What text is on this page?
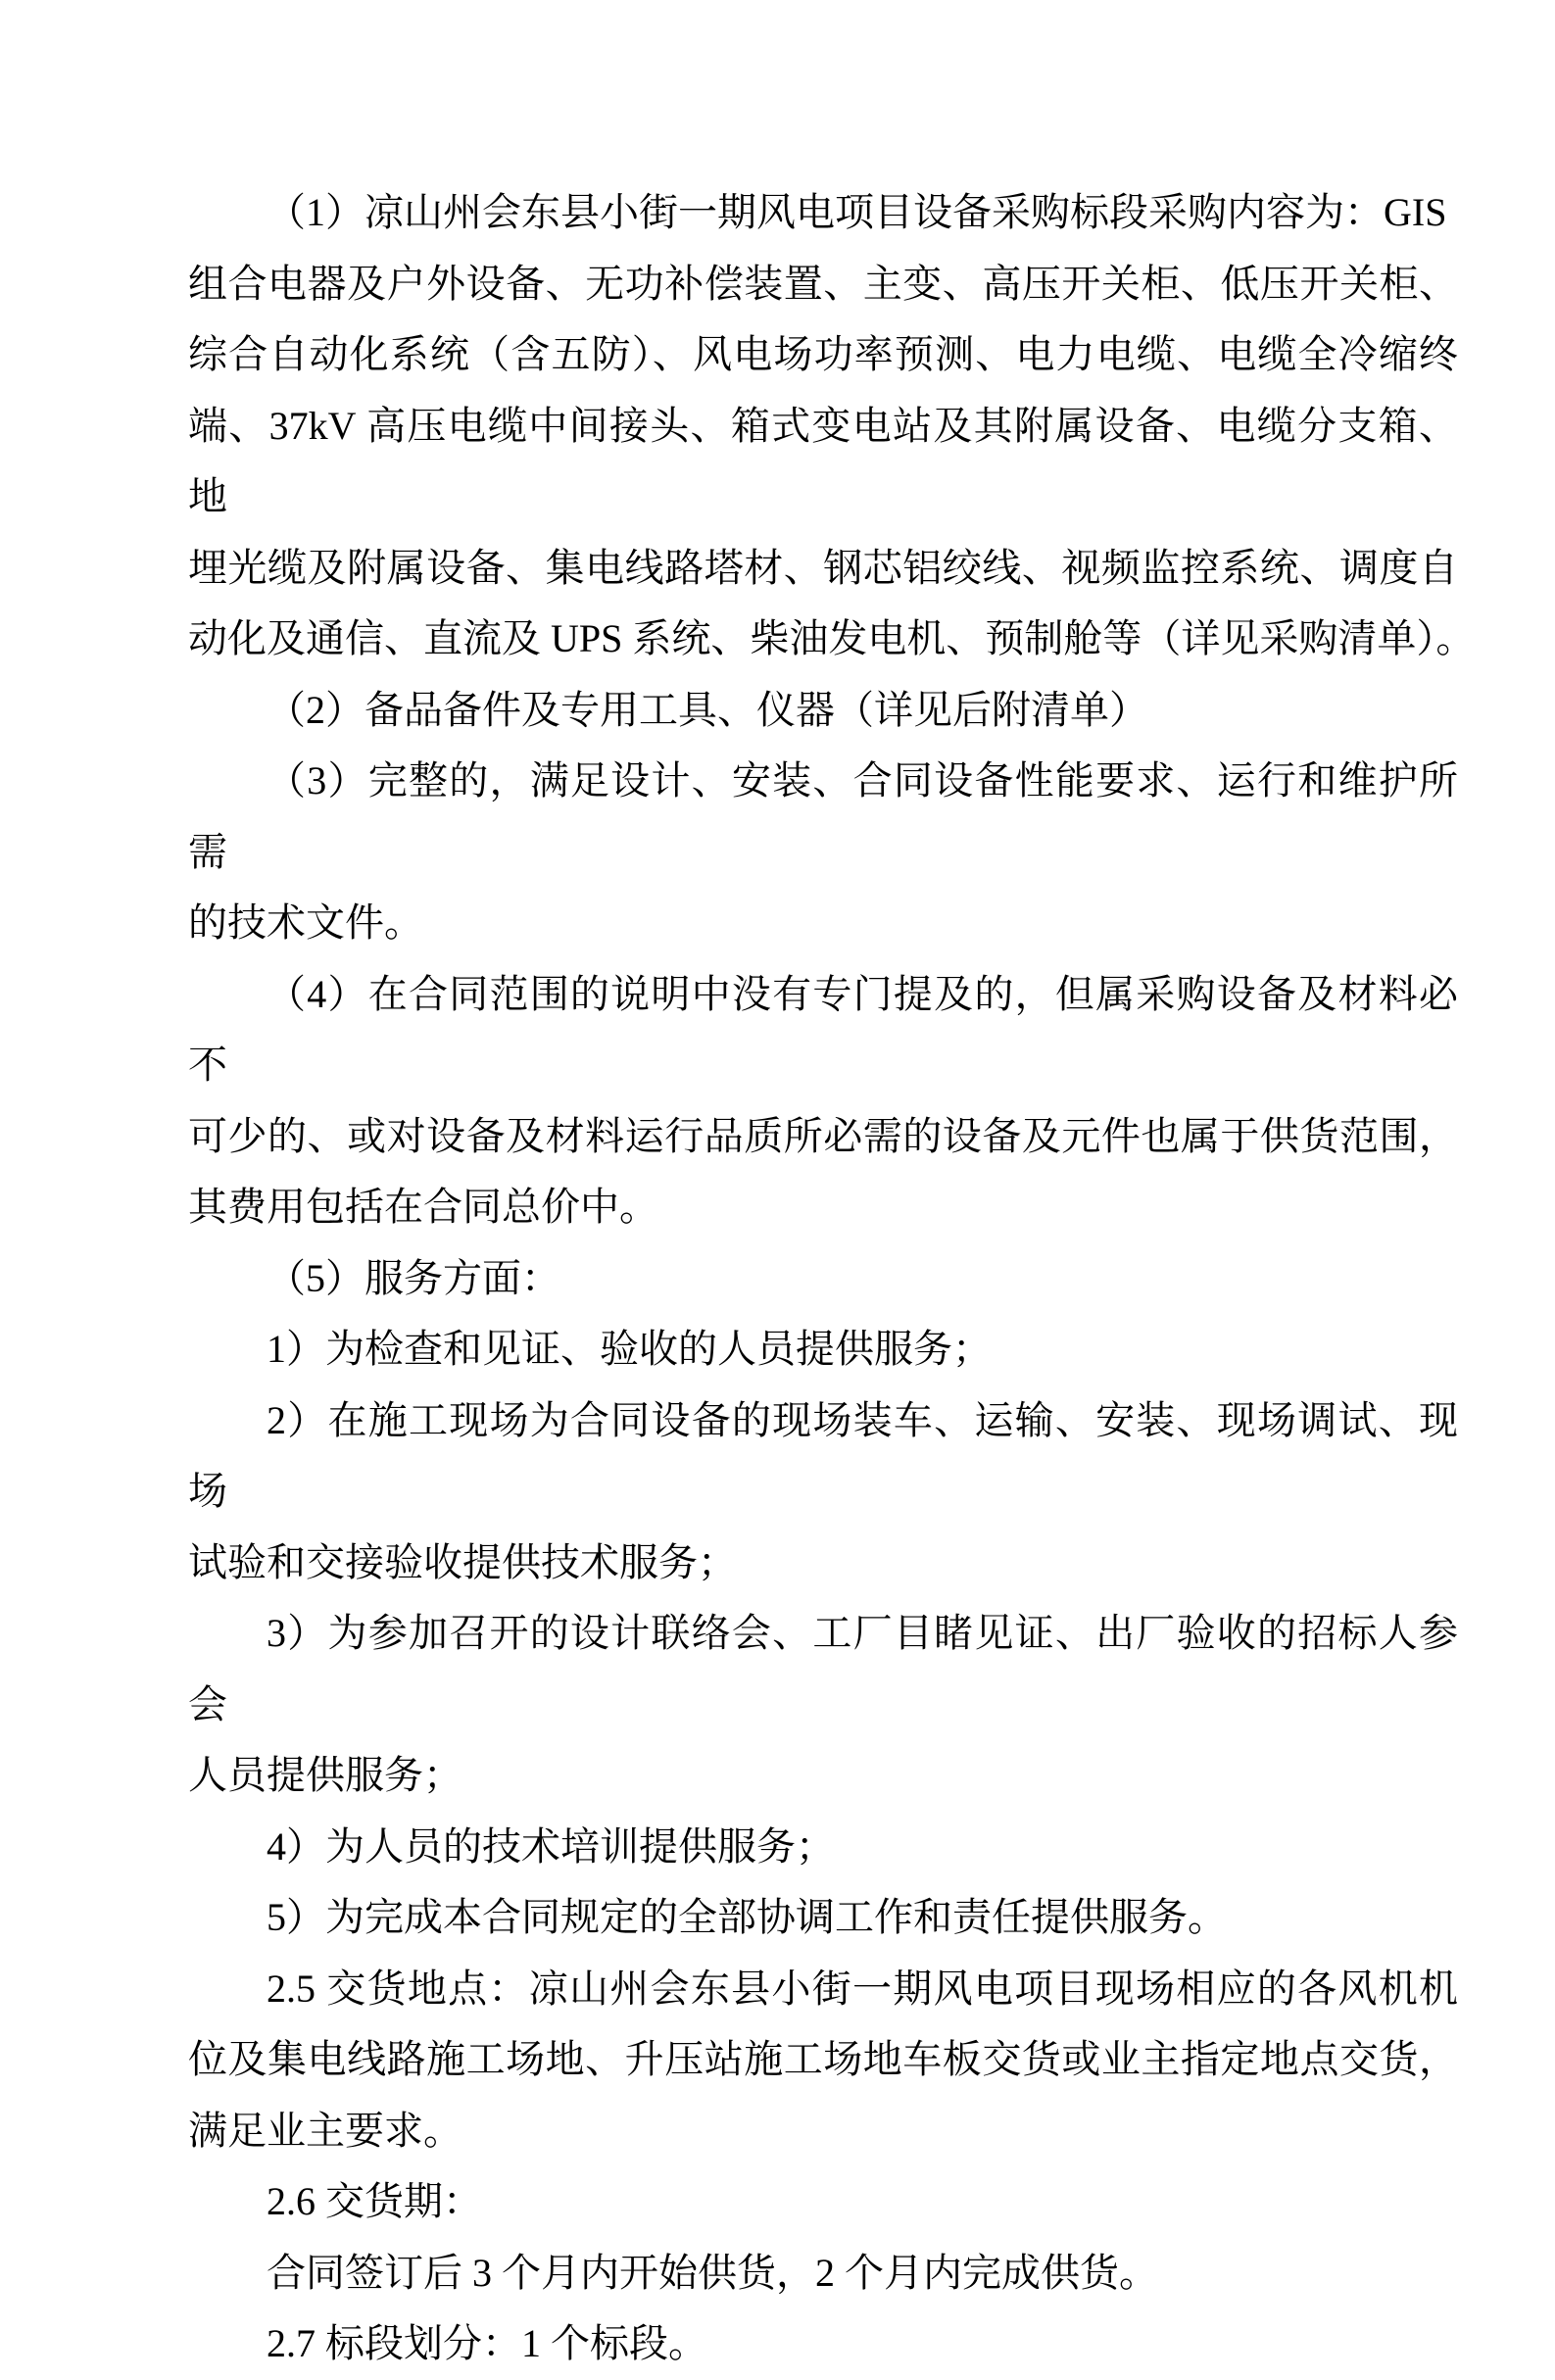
（1）凉山州会东县小街一期风电项目设备采购标段采购内容为：GIS
组合电器及户外设备、无功补偿装置、主变、高压开关柜、低压开关柜、
综合自动化系统（含五防）、风电场功率预测、电力电缆、电缆全冷缩终
端、37kV 高压电缆中间接头、箱式变电站及其附属设备、电缆分支箱、地
埋光缆及附属设备、集电线路塔材、钢芯铝绞线、视频监控系统、调度自
动化及通信、直流及 UPS 系统、柴油发电机、预制舱等（详见采购清单）。
（2）备品备件及专用工具、仪器（详见后附清单）
（3）完整的，满足设计、安装、合同设备性能要求、运行和维护所需
的技术文件。
（4）在合同范围的说明中没有专门提及的，但属采购设备及材料必不
可少的、或对设备及材料运行品质所必需的设备及元件也属于供货范围，
其费用包括在合同总价中。
（5）服务方面：
1）为检查和见证、验收的人员提供服务；
2）在施工现场为合同设备的现场装车、运输、安装、现场调试、现场
试验和交接验收提供技术服务；
3）为参加召开的设计联络会、工厂目睹见证、出厂验收的招标人参会
人员提供服务；
4）为人员的技术培训提供服务；
5）为完成本合同规定的全部协调工作和责任提供服务。
2.5 交货地点：凉山州会东县小街一期风电项目现场相应的各风机机
位及集电线路施工场地、升压站施工场地车板交货或业主指定地点交货，
满足业主要求。
2.6 交货期：
合同签订后 3 个月内开始供货，2 个月内完成供货。
2.7 标段划分：1 个标段。
